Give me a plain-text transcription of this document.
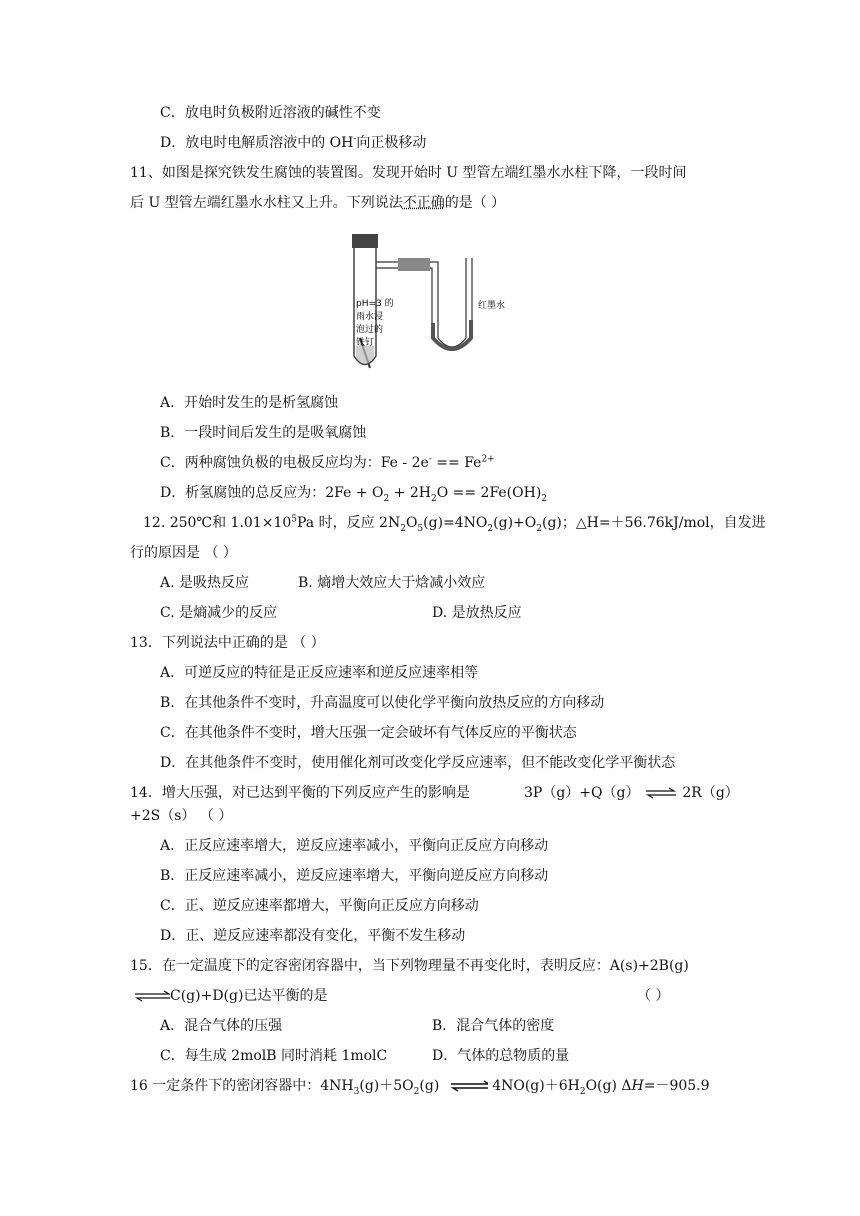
C．放电时负极附近溶液的碱性不变
D．放电时电解质溶液中的 OH-向正极移动
11、如图是探究铁发生腐蚀的装置图。发现开始时 U 型管左端红墨水水柱下降，一段时间
后 U 型管左端红墨水水柱又上升。下列说法不正确的是（ ）
pH=3 的
雨水浸
泡过的
铁钉
红墨水
A．开始时发生的是析氢腐蚀
B．一段时间后发生的是吸氧腐蚀
C．两种腐蚀负极的电极反应均为：$Fe - 2e^- == Fe^{2+}$
D．析氢腐蚀的总反应为：$2Fe + O_2 + 2H_2O == 2Fe(OH)_2$
12. 250℃和 $1.01\times 10^5Pa$ 时，反应 $2N_2O_5(g)=4NO_2(g)+O_2(g)$；△H=＋56.76kJ/mol，自发进
行的原因是 （ ）
A. 是吸热反应	B. 熵增大效应大于焓减小效应
C. 是熵减少的反应	D. 是放热反应
13．下列说法中正确的是 （ ）
A．可逆反应的特征是正反应速率和逆反应速率相等
B．在其他条件不变时，升高温度可以使化学平衡向放热反应的方向移动
C．在其他条件不变时，增大压强一定会破坏有气体反应的平衡状态
D．在其他条件不变时，使用催化剂可改变化学反应速率，但不能改变化学平衡状态
14．增大压强，对已达到平衡的下列反应产生的影响是	3P（g）+Q（g） ⇌ 2R（g）
+2S（s） （ ）
A．正反应速率增大，逆反应速率减小，平衡向正反应方向移动
B．正反应速率减小，逆反应速率增大，平衡向逆反应方向移动
C．正、逆反应速率都增大，平衡向正反应方向移动
D．正、逆反应速率都没有变化，平衡不发生移动
15．在一定温度下的定容密闭容器中，当下列物理量不再变化时，表明反应：A(s)+2B(g)
⇌C(g)+D(g)已达平衡的是	（ ）
A．混合气体的压强	B．混合气体的密度
C．每生成 2molB 同时消耗 1molC	D．气体的总物质的量
16 一定条件下的密闭容器中：$4NH_3(g)+5O_2(g)$ ⇌ $4NO(g)+6H_2O(g)$ ΔH=－905.9
